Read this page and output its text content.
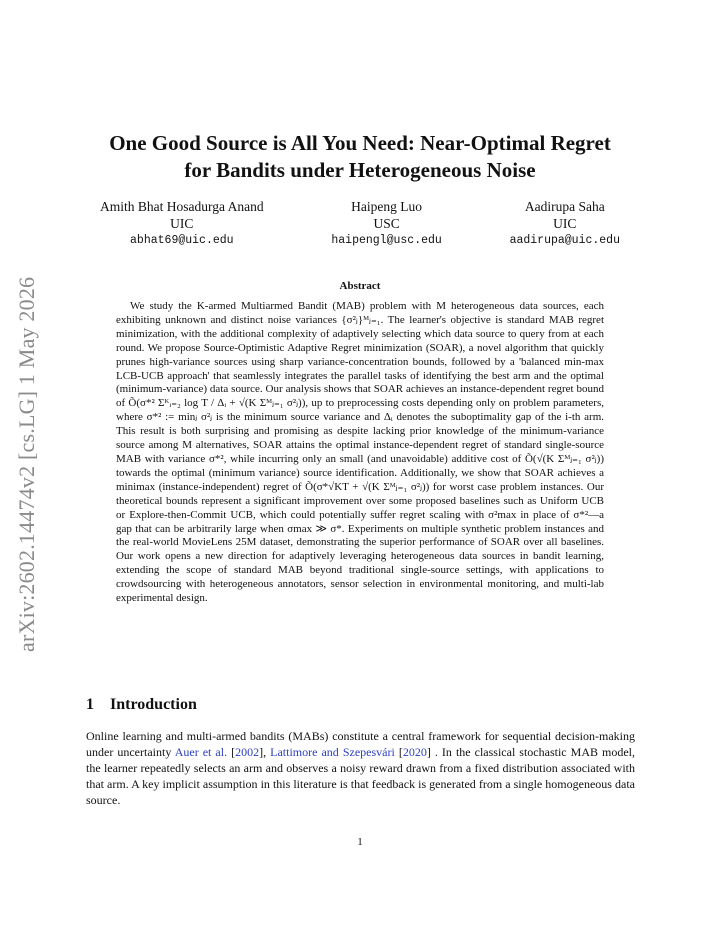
arXiv:2602.14474v2 [cs.LG] 1 May 2026
One Good Source is All You Need: Near-Optimal Regret
for Bandits under Heterogeneous Noise
Amith Bhat Hosadurga Anand
UIC
abhat69@uic.edu
Haipeng Luo
USC
haipengl@usc.edu
Aadirupa Saha
UIC
aadirupa@uic.edu
Abstract

We study the K-armed Multiarmed Bandit (MAB) problem with M heterogeneous data sources, each exhibiting unknown and distinct noise variances {σ²ⱼ}ᴹⱼ₌₁. The learner's objective is standard MAB regret minimization, with the additional complexity of adaptively selecting which data source to query from at each round. We propose Source-Optimistic Adaptive Regret minimization (SOAR), a novel algorithm that quickly prunes high-variance sources using sharp variance-concentration bounds, followed by a 'balanced min-max LCB-UCB approach' that seamlessly integrates the parallel tasks of identifying the best arm and the optimal (minimum-variance) data source. Our analysis shows that SOAR achieves an instance-dependent regret bound of Õ(σ*² Σᴷᵢ₌₂ log T / Δᵢ + √(K Σᴹⱼ₌₁ σ²ⱼ)), up to preprocessing costs depending only on problem parameters, where σ*² := minⱼ σ²ⱼ is the minimum source variance and Δᵢ denotes the suboptimality gap of the i-th arm. This result is both surprising and promising as despite lacking prior knowledge of the minimum-variance source among M alternatives, SOAR attains the optimal instance-dependent regret of standard single-source MAB with variance σ*², while incurring only an small (and unavoidable) additive cost of Õ(√(K Σᴹⱼ₌₁ σ²ⱼ)) towards the optimal (minimum variance) source identification. Additionally, we show that SOAR achieves a minimax (instance-independent) regret of Õ(σ*√KT + √(K Σᴹⱼ₌₁ σ²ⱼ)) for worst case problem instances. Our theoretical bounds represent a significant improvement over some proposed baselines such as Uniform UCB or Explore-then-Commit UCB, which could potentially suffer regret scaling with σ²max in place of σ*²—a gap that can be arbitrarily large when σmax ≫ σ*. Experiments on multiple synthetic problem instances and the real-world MovieLens 25M dataset, demonstrating the superior performance of SOAR over all baselines. Our work opens a new direction for adaptively leveraging heterogeneous data sources in bandit learning, extending the scope of standard MAB beyond traditional single-source settings, with applications to crowdsourcing with heterogeneous annotators, sensor selection in environmental monitoring, and multi-lab experimental design.

1 Introduction
Online learning and multi-armed bandits (MABs) constitute a central framework for sequential decision-making under uncertainty Auer et al. [2002], Lattimore and Szepesvári [2020] . In the classical stochastic MAB model, the learner repeatedly selects an arm and observes a noisy reward drawn from a fixed distribution associated with that arm. A key implicit assumption in this literature is that feedback is generated from a single homogeneous data source.
1
